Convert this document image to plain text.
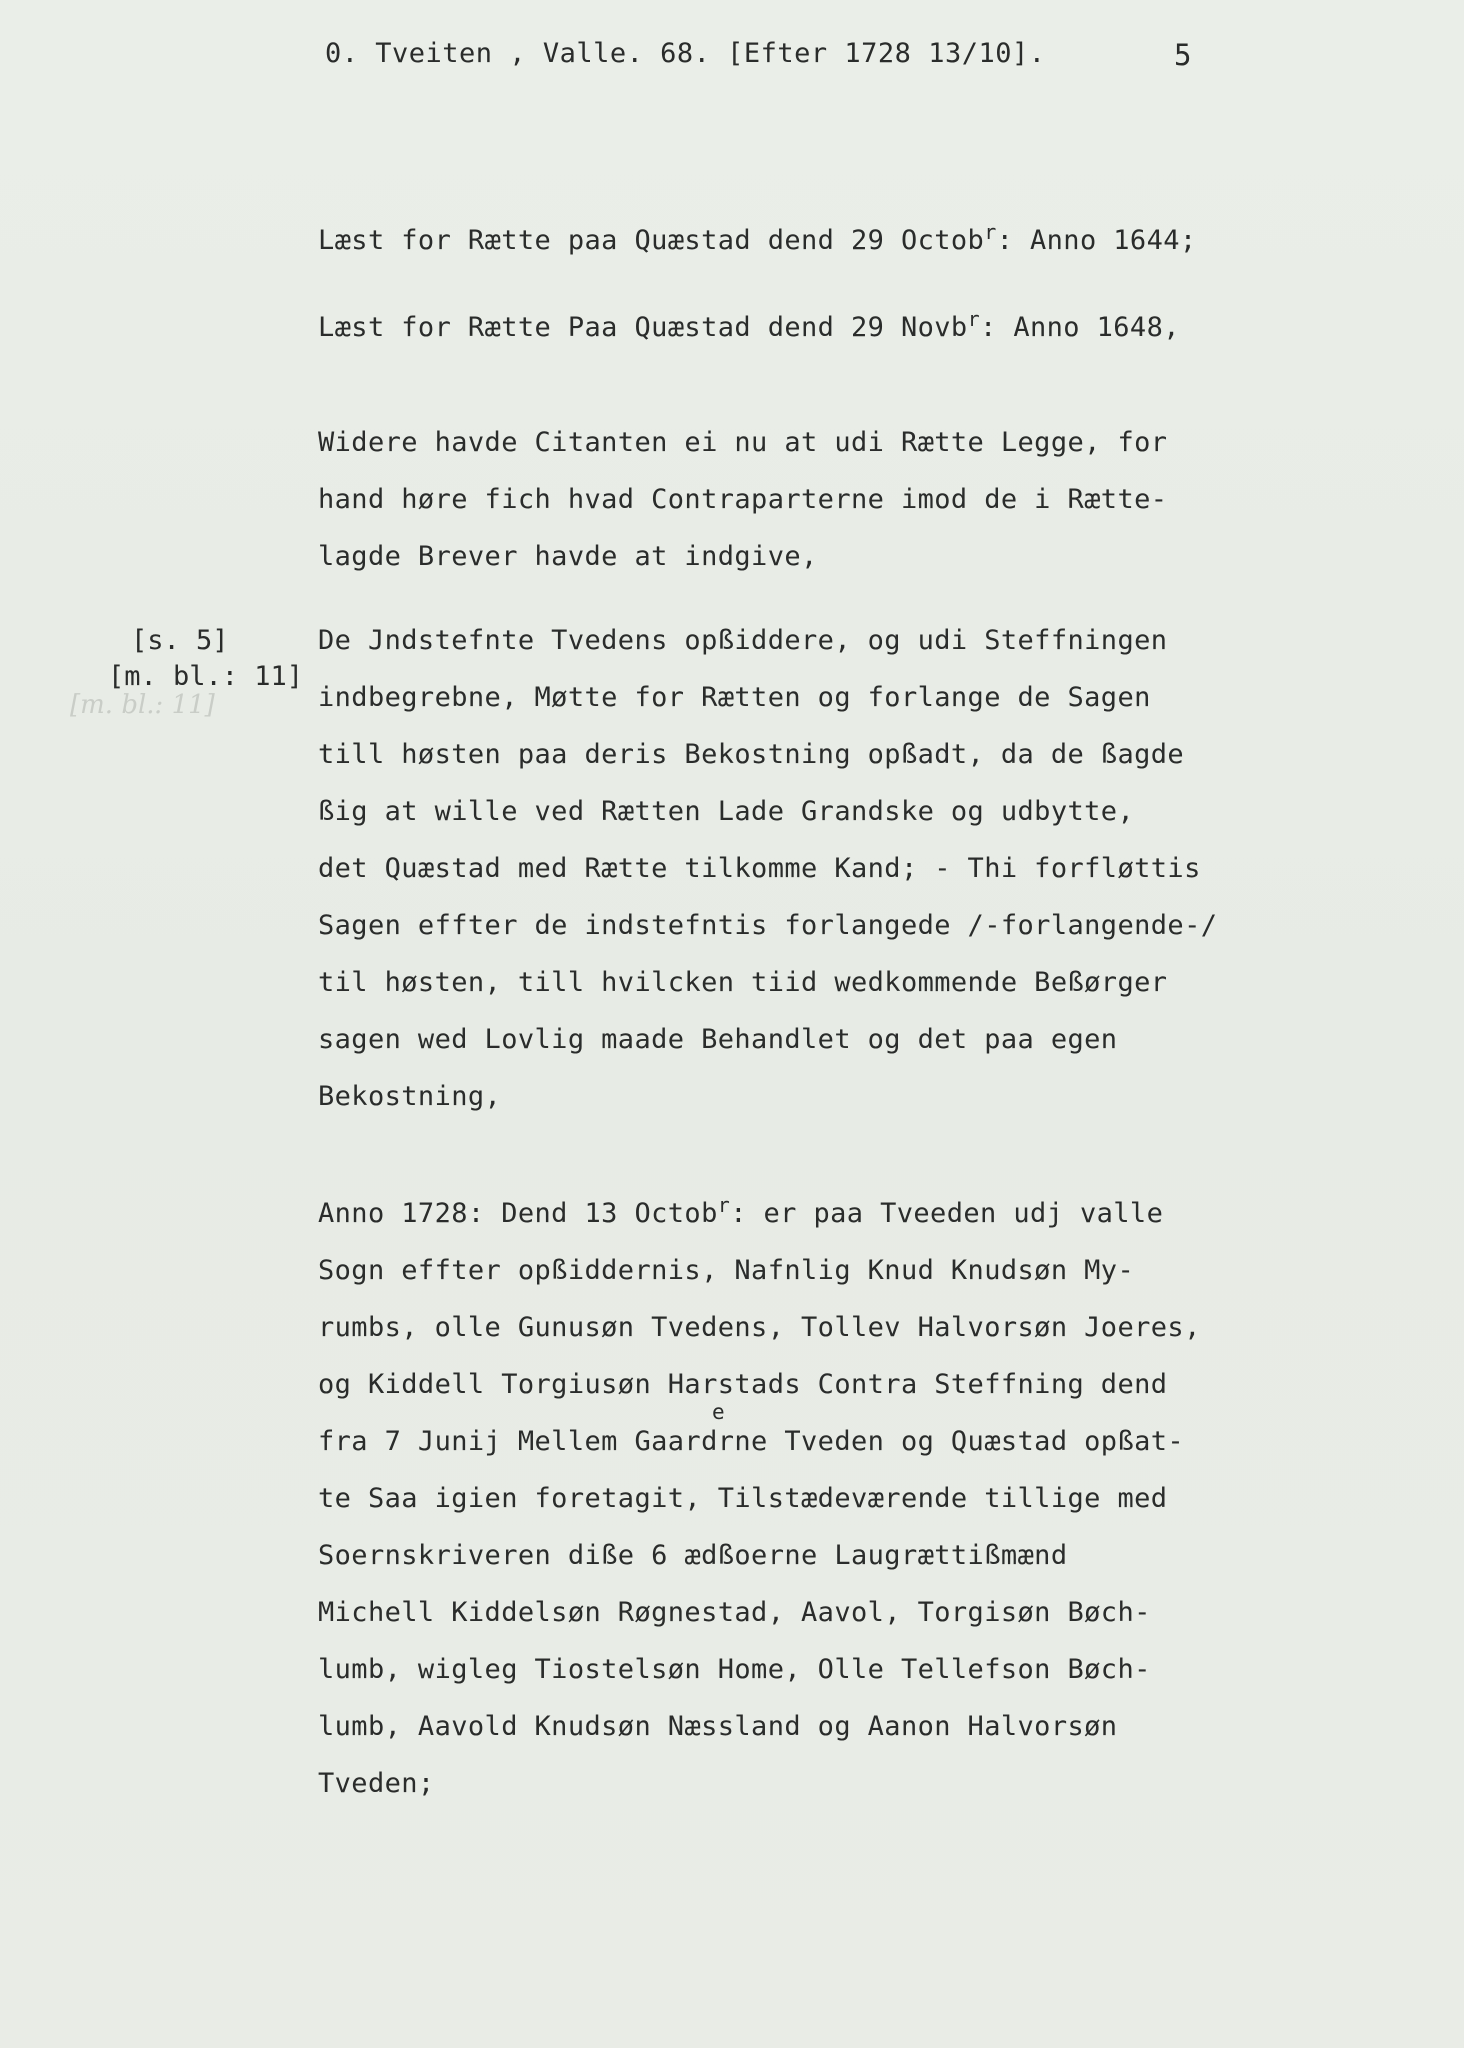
0. Tveiten , Valle. 68. [Efter 1728 13/10].	5
[s. 5]
[m. bl.: 11]
[m. bl.: 11]
Læst for Rætte paa Quæstad dend 29 Octob$^r$: Anno 1644;
Læst for Rætte Paa Quæstad dend 29 Novb$^r$: Anno 1648,
Widere havde Citanten ei nu at udi Rætte Legge, for
hand høre fich hvad Contraparterne imod de i Rætte-
lagde Brever havde at indgive,
De Jndstefnte Tvedens opßiddere, og udi Steffningen
indbegrebne, Møtte for Rætten og forlange de Sagen
till høsten paa deris Bekostning opßadt, da de ßagde
ßig at wille ved Rætten Lade Grandske og udbytte,
det Quæstad med Rætte tilkomme Kand; - Thi forfløttis
Sagen effter de indstefntis forlangede /-forlangende-/
til høsten, till hvilcken tiid wedkommende Beßørger
sagen wed Lovlig maade Behandlet og det paa egen
Bekostning,
Anno 1728: Dend 13 Octob$^r$: er paa Tveeden udj valle
Sogn effter opßiddernis, Nafnlig Knud Knudsøn My-
rumbs, olle Gunusøn Tvedens, Tollev Halvorsøn Joeres,
og Kiddell Torgiusøn Harstads Contra Steffning dend
e
fra 7 Junij Mellem Gaardrne Tveden og Quæstad opßat-
te Saa igien foretagit, Tilstædeværende tillige med
Soernskriveren dißе 6 ædßoerne Laugrættißmænd
Michell Kiddelsøn Røgnestad, Aavol, Torgisøn Bøch-
lumb, wigleg Tiostelsøn Home, Olle Tellefson Bøch-
lumb, Aavold Knudsøn Næssland og Aanon Halvorsøn
Tveden;
